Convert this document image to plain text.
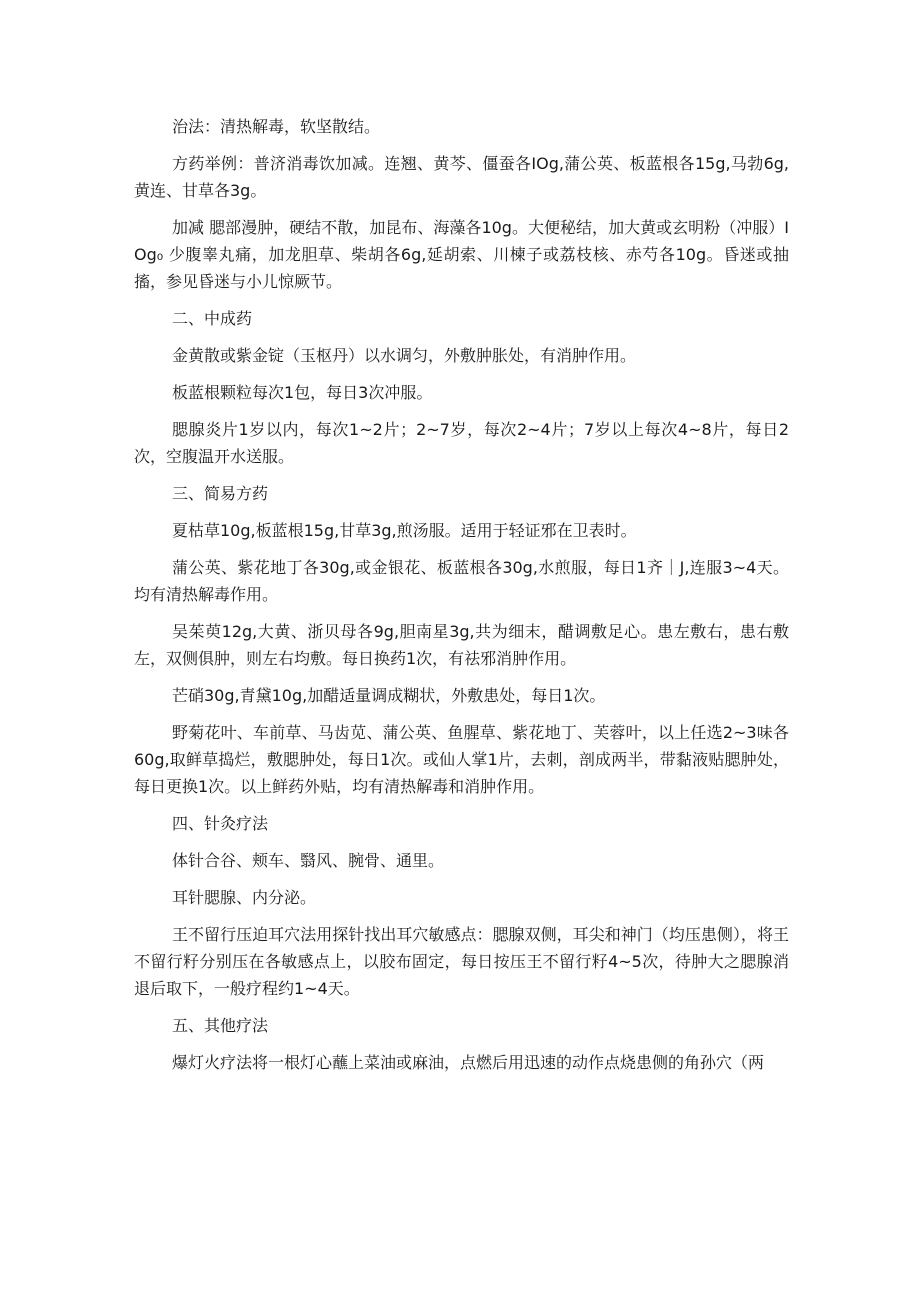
治法：清热解毒，软坚散结。

方药举例：普济消毒饮加减。连翘、黄芩、僵蚕各IOg,蒲公英、板蓝根各15g,马勃6g,黄连、甘草各3g。

加减 腮部漫肿，硬结不散，加昆布、海藻各10g。大便秘结，加大黄或玄明粉（冲服）IOg₀ 少腹睾丸痛，加龙胆草、柴胡各6g,延胡索、川楝子或荔枝核、赤芍各10g。昏迷或抽搐，参见昏迷与小儿惊厥节。

二、中成药

金黄散或紫金锭（玉枢丹）以水调匀，外敷肿胀处，有消肿作用。

板蓝根颗粒每次1包，每日3次冲服。

腮腺炎片1岁以内，每次1~2片；2~7岁，每次2~4片；7岁以上每次4~8片，每日2次，空腹温开水送服。

三、简易方药

夏枯草10g,板蓝根15g,甘草3g,煎汤服。适用于轻证邪在卫表时。

蒲公英、紫花地丁各30g,或金银花、板蓝根各30g,水煎服，每日1齐｜J,连服3~4天。均有清热解毒作用。

吴茱萸12g,大黄、浙贝母各9g,胆南星3g,共为细末，醋调敷足心。患左敷右，患右敷左，双侧俱肿，则左右均敷。每日换药1次，有祛邪消肿作用。

芒硝30g,青黛10g,加醋适量调成糊状，外敷患处，每日1次。

野菊花叶、车前草、马齿苋、蒲公英、鱼腥草、紫花地丁、芙蓉叶，以上任选2~3味各60g,取鲜草捣烂，敷腮肿处，每日1次。或仙人掌1片，去刺，剖成两半，带黏液贴腮肿处，每日更换1次。以上鲜药外贴，均有清热解毒和消肿作用。

四、针灸疗法

体针合谷、颊车、翳风、腕骨、通里。

耳针腮腺、内分泌。

王不留行压迫耳穴法用探针找出耳穴敏感点：腮腺双侧，耳尖和神门（均压患侧），将王不留行籽分别压在各敏感点上，以胶布固定，每日按压王不留行籽4~5次，待肿大之腮腺消退后取下，一般疗程约1~4天。

五、其他疗法

爆灯火疗法将一根灯心蘸上菜油或麻油，点燃后用迅速的动作点烧患侧的角孙穴（两
